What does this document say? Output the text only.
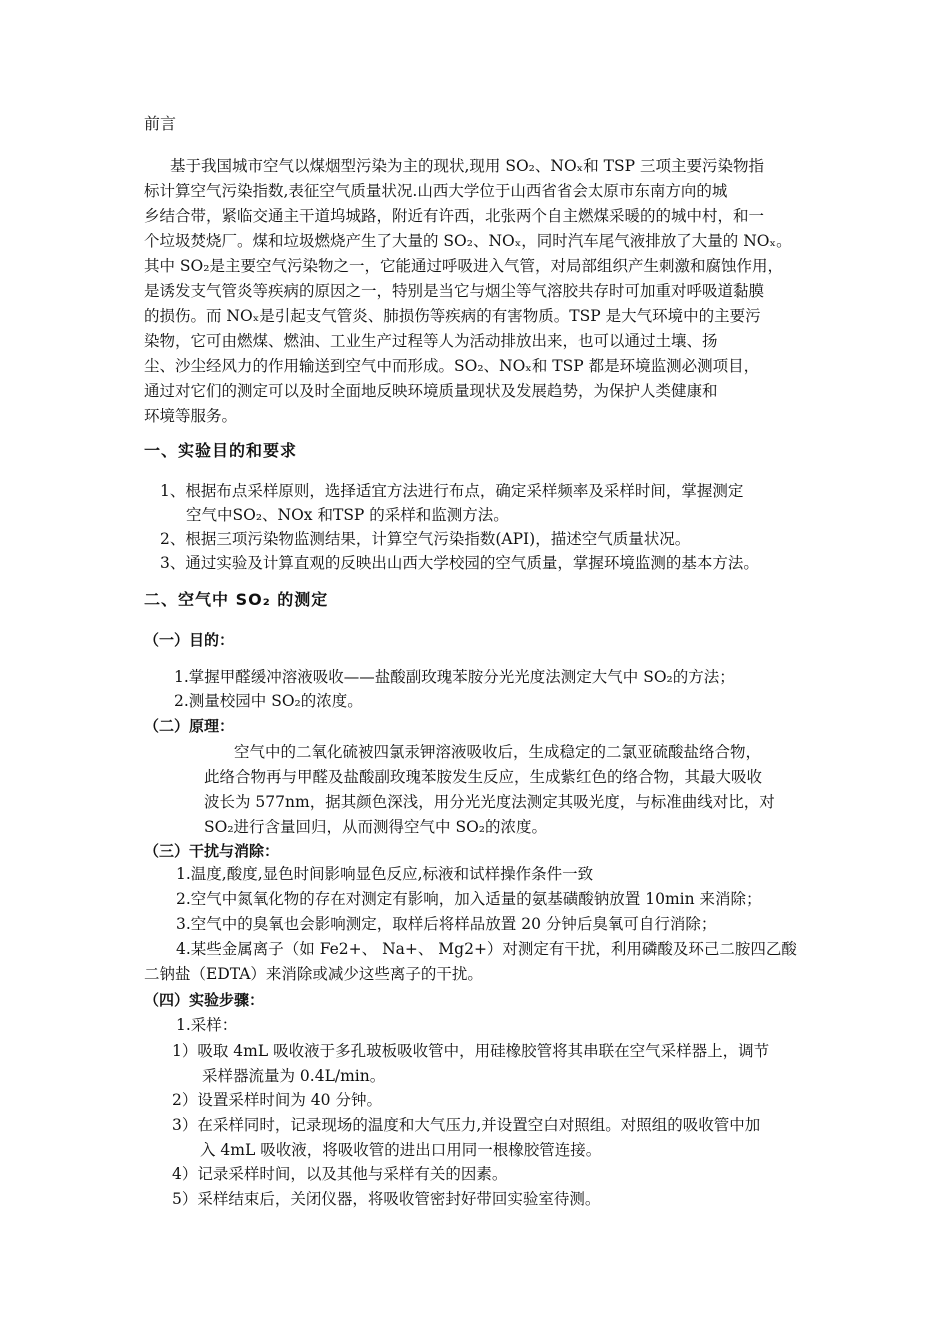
前言
基于我国城市空气以煤烟型污染为主的现状,现用 SO₂、NOₓ和 TSP 三项主要污染物指
标计算空气污染指数,表征空气质量状况.山西大学位于山西省省会太原市东南方向的城
乡结合带，紧临交通主干道坞城路，附近有许西，北张两个自主燃煤采暖的的城中村，和一
个垃圾焚烧厂。煤和垃圾燃烧产生了大量的 SO₂、NOₓ，同时汽车尾气液排放了大量的 NOₓ。
其中 SO₂是主要空气污染物之一，它能通过呼吸进入气管，对局部组织产生刺激和腐蚀作用，
是诱发支气管炎等疾病的原因之一，特别是当它与烟尘等气溶胶共存时可加重对呼吸道黏膜
的损伤。而 NOₓ是引起支气管炎、肺损伤等疾病的有害物质。TSP 是大气环境中的主要污
染物，它可由燃煤、燃油、工业生产过程等人为活动排放出来，也可以通过土壤、扬
尘、沙尘经风力的作用输送到空气中而形成。SO₂、NOₓ和 TSP 都是环境监测必测项目，
通过对它们的测定可以及时全面地反映环境质量现状及发展趋势，为保护人类健康和
环境等服务。
一、实验目的和要求
1、根据布点采样原则，选择适宜方法进行布点，确定采样频率及采样时间，掌握测定
空气中SO₂、NOx 和TSP 的采样和监测方法。
2、根据三项污染物监测结果，计算空气污染指数(API)，描述空气质量状况。
3、通过实验及计算直观的反映出山西大学校园的空气质量，掌握环境监测的基本方法。
二、空气中 SO₂ 的测定
（一）目的：
1.掌握甲醛缓冲溶液吸收——盐酸副玫瑰苯胺分光光度法测定大气中 SO₂的方法；
2.测量校园中 SO₂的浓度。
（二）原理：
空气中的二氧化硫被四氯汞钾溶液吸收后，生成稳定的二氯亚硫酸盐络合物，
此络合物再与甲醛及盐酸副玫瑰苯胺发生反应，生成紫红色的络合物，其最大吸收
波长为 577nm，据其颜色深浅，用分光光度法测定其吸光度，与标准曲线对比，对
SO₂进行含量回归，从而测得空气中 SO₂的浓度。
（三）干扰与消除：
1.温度,酸度,显色时间影响显色反应,标液和试样操作条件一致
2.空气中氮氧化物的存在对测定有影响，加入适量的氨基磺酸钠放置 10min 来消除；
3.空气中的臭氧也会影响测定，取样后将样品放置 20 分钟后臭氧可自行消除；
4.某些金属离子（如 Fe2+、 Na+、 Mg2+）对测定有干扰，利用磷酸及环己二胺四乙酸
二钠盐（EDTA）来消除或减少这些离子的干扰。
（四）实验步骤：
1.采样：
1）吸取 4mL 吸收液于多孔玻板吸收管中，用硅橡胶管将其串联在空气采样器上，调节
采样器流量为 0.4L/min。
2）设置采样时间为 40 分钟。
3）在采样同时，记录现场的温度和大气压力,并设置空白对照组。对照组的吸收管中加
入 4mL 吸收液，将吸收管的进出口用同一根橡胶管连接。
4）记录采样时间，以及其他与采样有关的因素。
5）采样结束后，关闭仪器，将吸收管密封好带回实验室待测。
